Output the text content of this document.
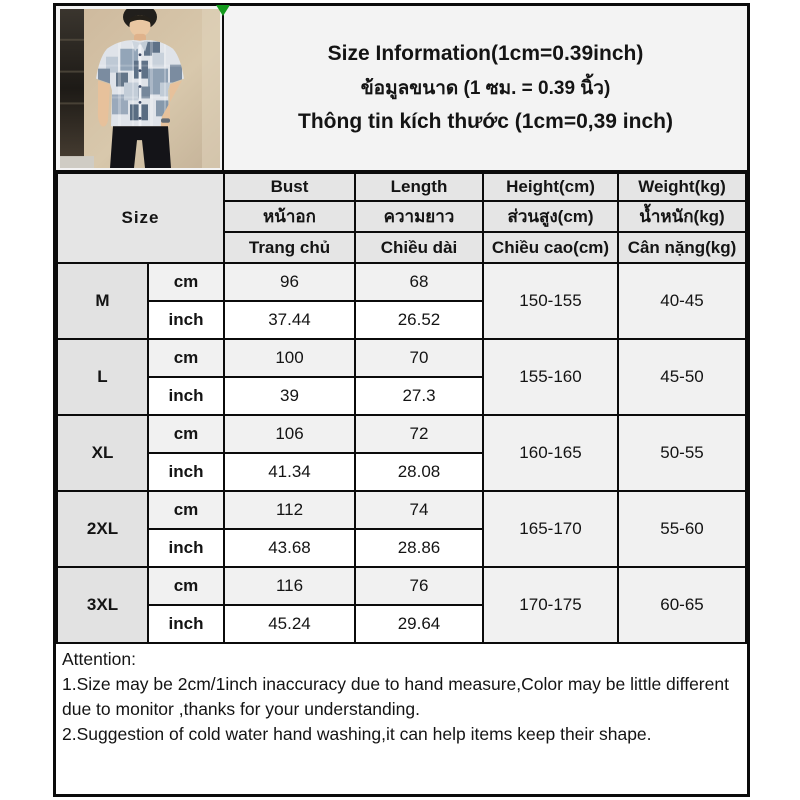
Size Information(1cm=0.39inch)
ข้อมูลขนาด (1 ซม. = 0.39 นิ้ว)
Thông tin kích thước (1cm=0,39 inch)
Size		Bust	Length	Height(cm)	Weight(kg)
		หน้าอก	ความยาว	ส่วนสูง(cm)	น้ำหนัก(kg)
		Trang chủ	Chiều dài	Chiều cao(cm)	Cân nặng(kg)
M	cm	96	68	150-155	40-45
	inch	37.44	26.52		
L	cm	100	70	155-160	45-50
	inch	39	27.3		
XL	cm	106	72	160-165	50-55
	inch	41.34	28.08		
2XL	cm	112	74	165-170	55-60
	inch	43.68	28.86		
3XL	cm	116	76	170-175	60-65
	inch	45.24	29.64		
Attention:
1.Size may be 2cm/1inch inaccuracy due to hand measure,Color may be little different due to monitor ,thanks for your understanding.
2.Suggestion of cold water hand washing,it can help items keep their shape.
